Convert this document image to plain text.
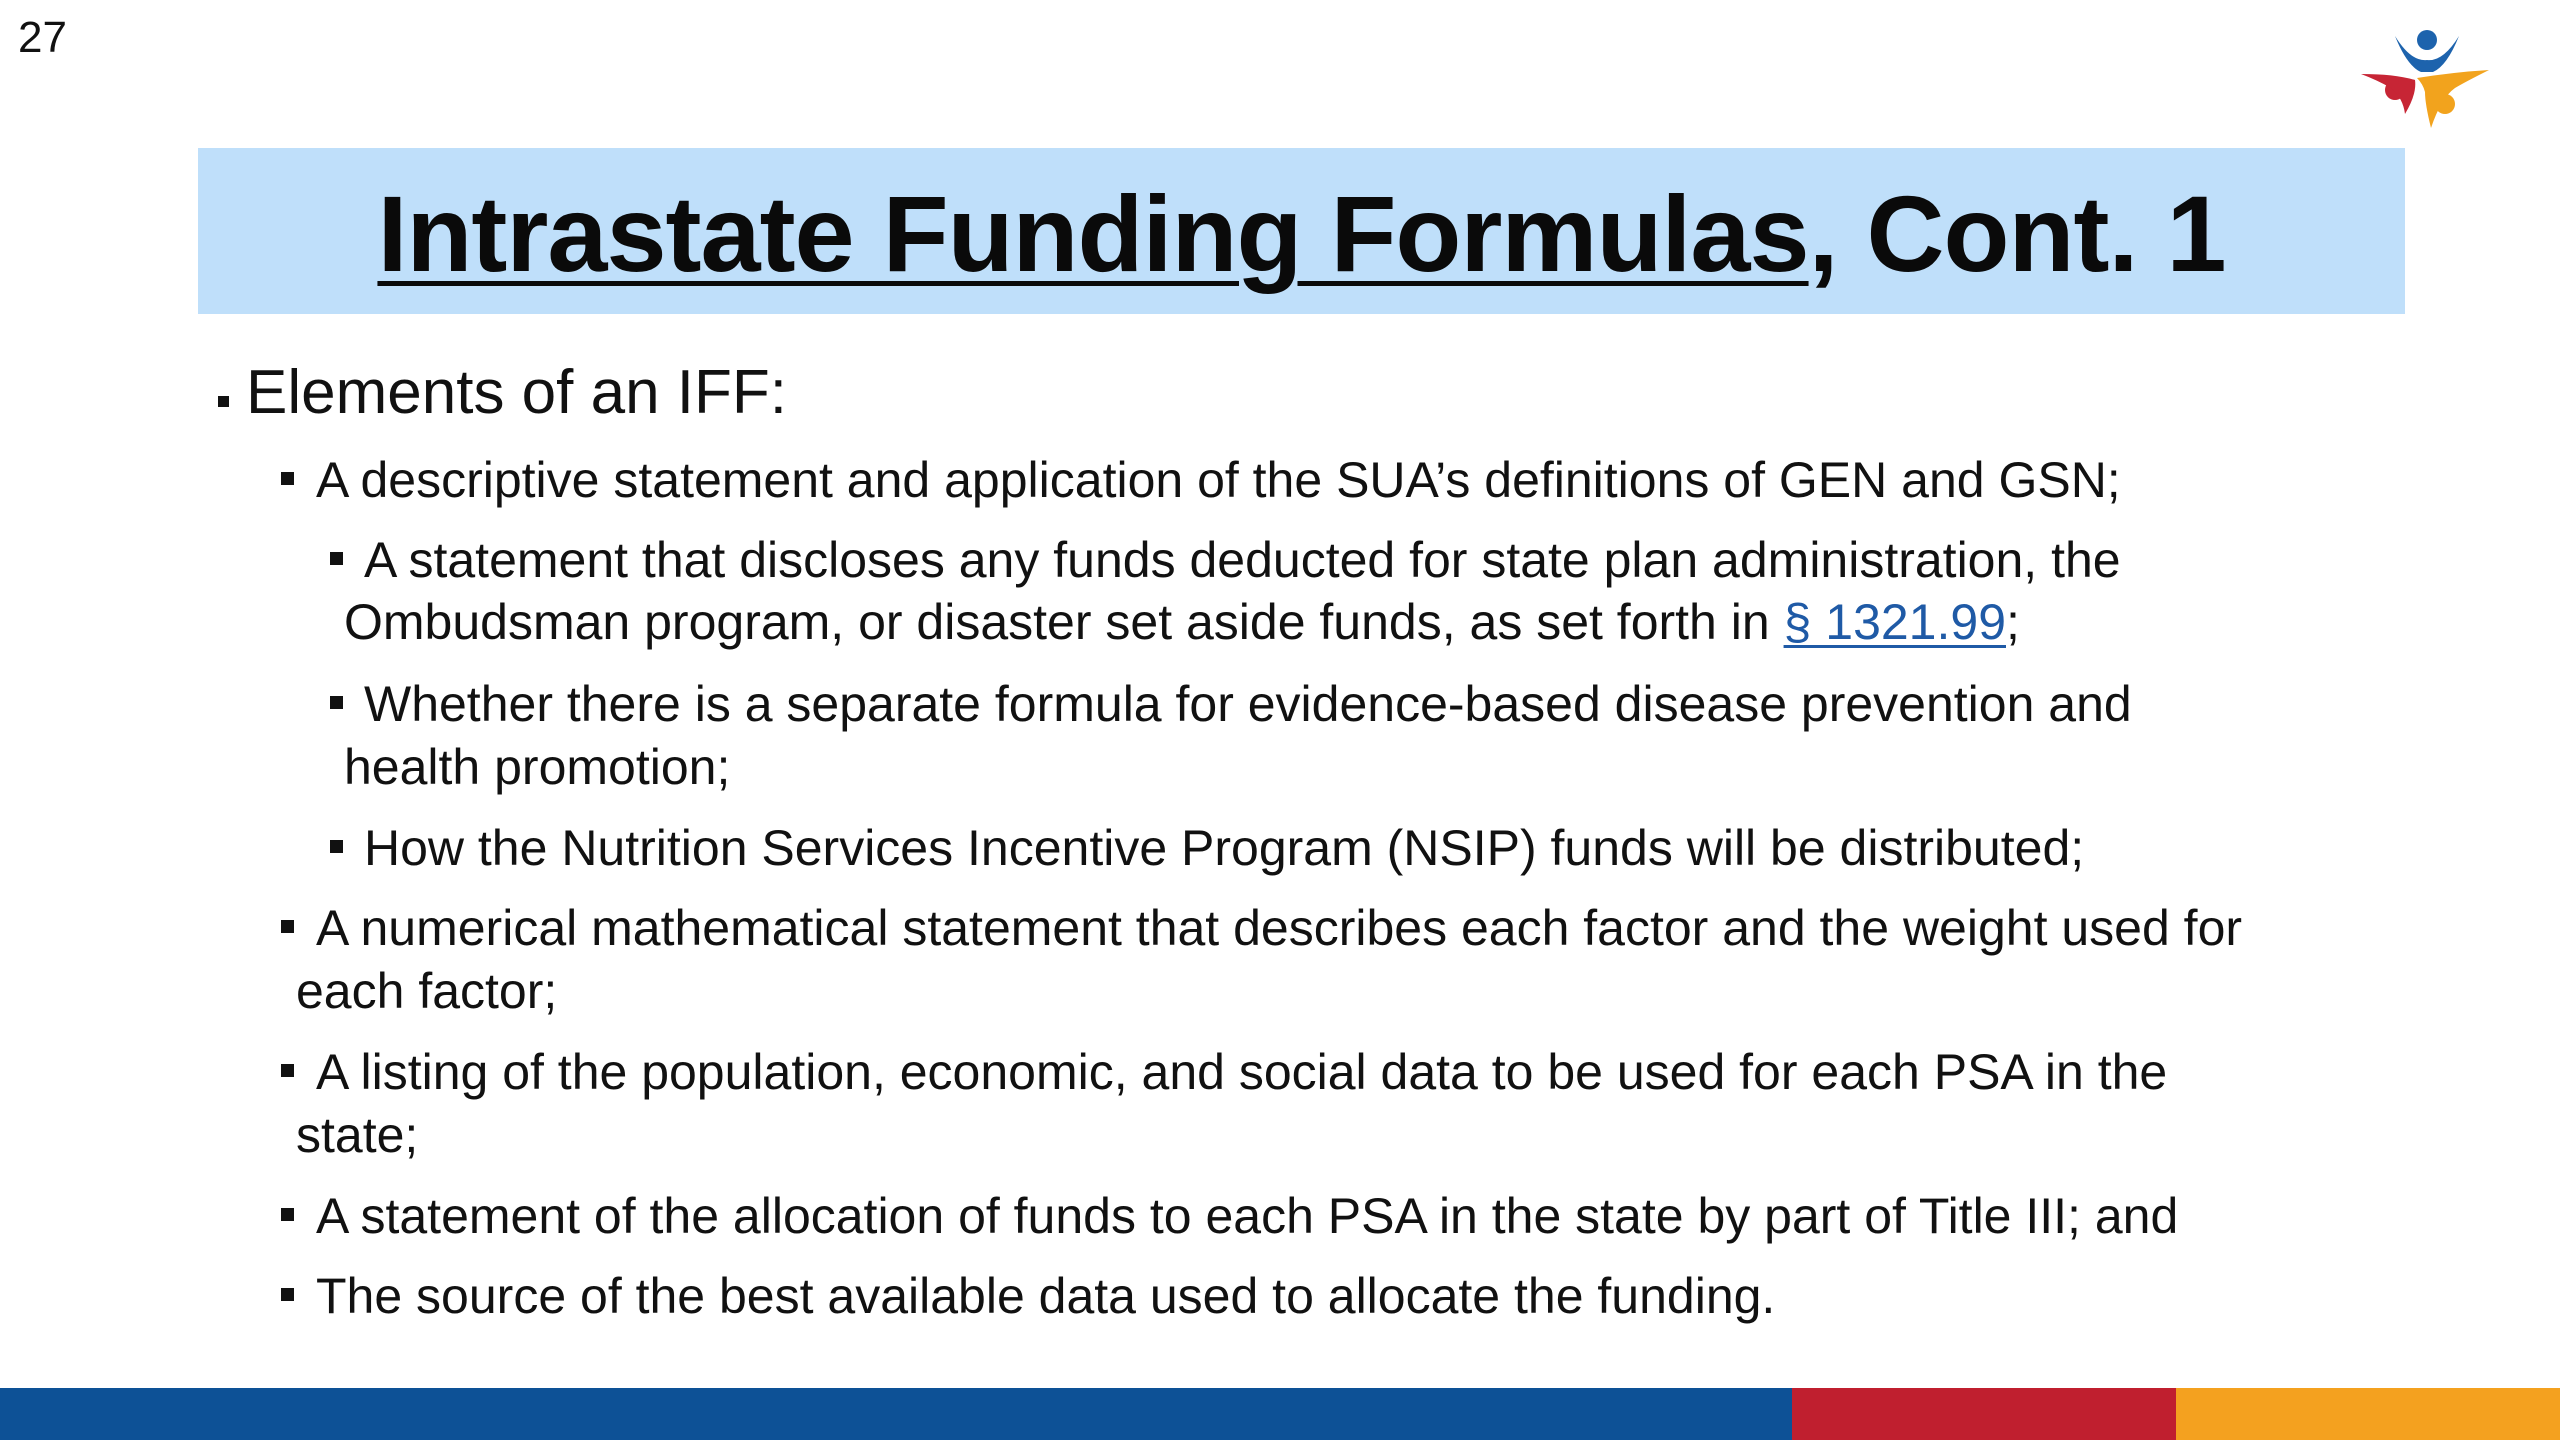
27
Intrastate Funding Formulas, Cont. 1
Elements of an IFF:
A descriptive statement and application of the SUA’s definitions of GEN and GSN;
A statement that discloses any funds deducted for state plan administration, the
Ombudsman program, or disaster set aside funds, as set forth in § 1321.99;
Whether there is a separate formula for evidence-based disease prevention and
health promotion;
How the Nutrition Services Incentive Program (NSIP) funds will be distributed;
A numerical mathematical statement that describes each factor and the weight used for
each factor;
A listing of the population, economic, and social data to be used for each PSA in the
state;
A statement of the allocation of funds to each PSA in the state by part of Title III; and
The source of the best available data used to allocate the funding.
